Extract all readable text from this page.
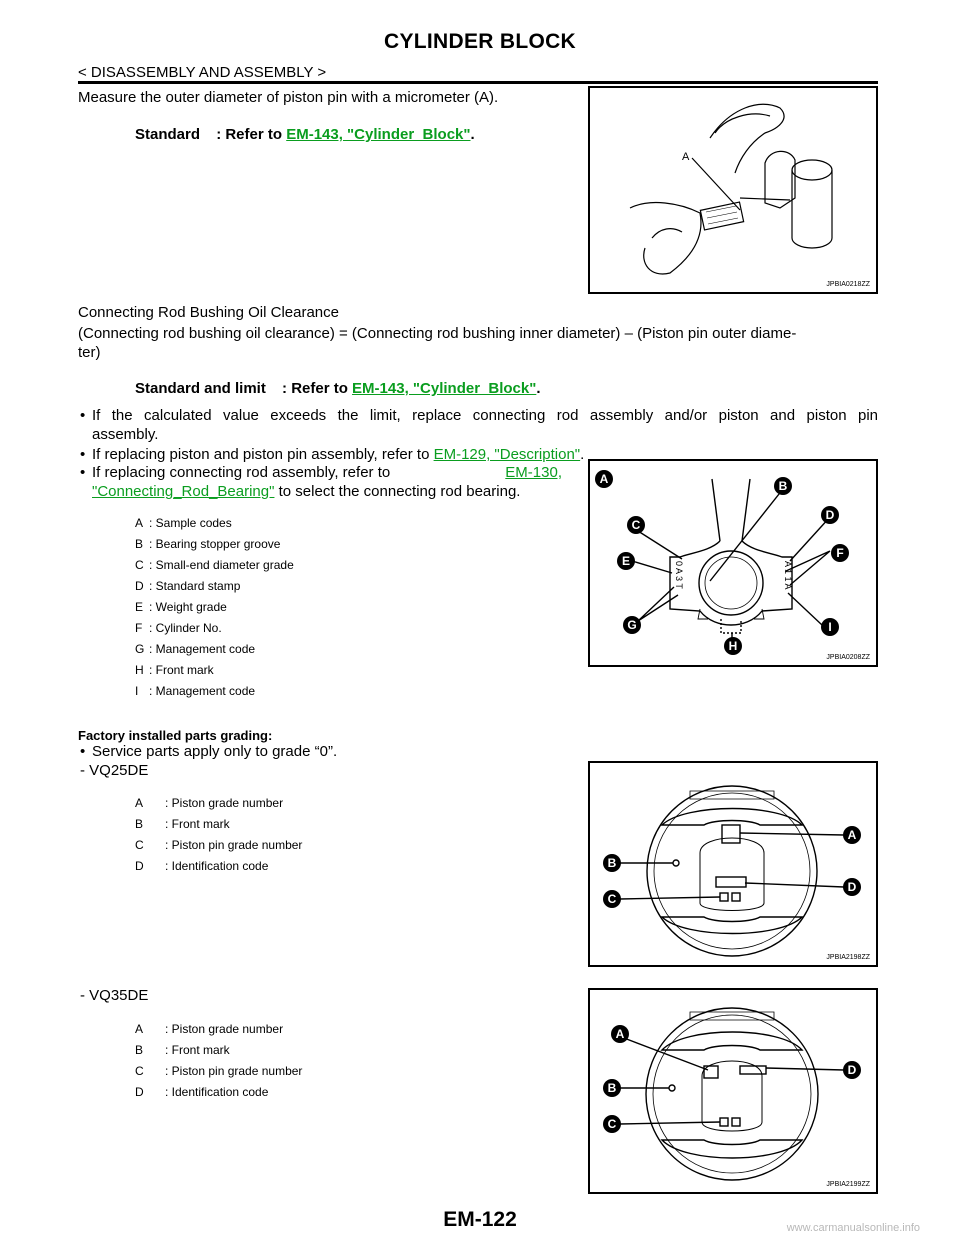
CYLINDER BLOCK
< DISASSEMBLY AND ASSEMBLY >
Measure the outer diameter of piston pin with a micrometer (A).
Standard : Refer to EM-143, "Cylinder_Block".
A
JPBIA0218ZZ
Connecting Rod Bushing Oil Clearance
(Connecting rod bushing oil clearance) = (Connecting rod bushing inner diameter) – (Piston pin outer diame-
ter)
Standard and limit : Refer to EM-143, "Cylinder_Block".
• If the calculated value exceeds the limit, replace connecting rod assembly and/or piston and piston pin
assembly.
• If replacing piston and piston pin assembly, refer to EM-129, "Description".
• If replacing connecting rod assembly, refer to	EM-130,
"Connecting_Rod_Bearing" to select the connecting rod bearing.
A : Sample codes
B : Bearing stopper groove
C : Small-end diameter grade
D : Standard stamp
E : Weight grade
F : Cylinder No.
G : Management code
H : Front mark
I : Management code
0 A 3 T	A 1 1 A
A	B
C
D
E
F
G
H
I
JPBIA0208ZZ
Factory installed parts grading:
• Service parts apply only to grade “0”.
- VQ25DE
A : Piston grade number
B : Front mark
C : Piston pin grade number
D : Identification code
A
B
C
D
JPBIA2198ZZ
- VQ35DE
A : Piston grade number
B : Front mark
C : Piston pin grade number
D : Identification code
A
B
C
D
JPBIA2199ZZ
EM-122	www.carmanualsonline.info
